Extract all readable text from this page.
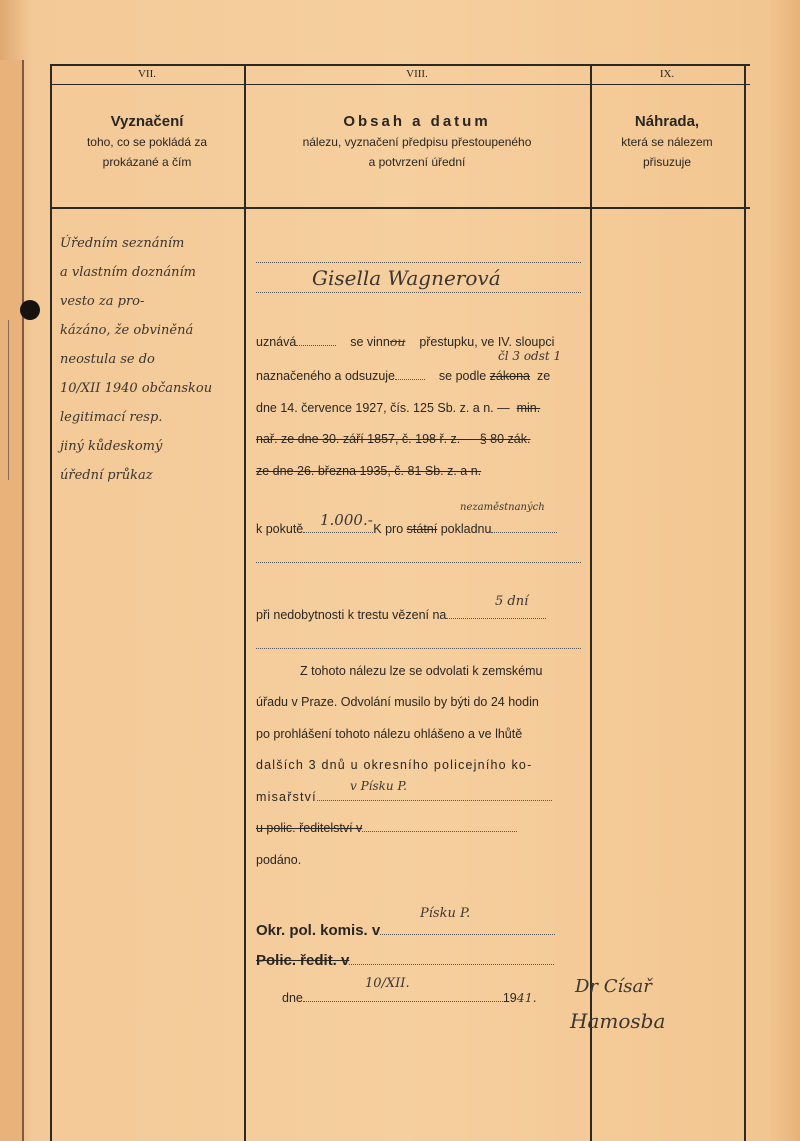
VII.	VIII.	IX.
Vyznačení
toho, co se pokládá za
prokázané a čím
Obsah a datum
nálezu, vyznačení předpisu přestoupeného
a potvrzení úřední
Náhrada,
která se nálezem
přisuzuje
Úředním seznáním
a vlastním doznáním
vesto za pro-
kázáno, že obviněná
neostula se do
10/XII 1940 občanskou
legitimací resp.
jiný kůdeskomý
úřední průkaz
Gisella Wagnerová
uznává	se vinnou přestupku, ve IV. sloupci
čl 3 odst 1
naznačeného a odsuzuje	se podle zákona ze
dne 14. července 1927, čís. 125 Sb. z. a n. — min.
nař. ze dne 30. září 1857, č. 198 ř. z. — § 80 zák.
ze dne 26. března 1935, č. 81 Sb. z. a n.
nezaměstnaných
1.000.-
k pokutě	K pro státní pokladnu
5 dní
při nedobytnosti k trestu vězení na
Z tohoto nálezu lze se odvolati k zemskému
úřadu v Praze. Odvolání musilo by býti do 24 hodin
po prohlášení tohoto nálezu ohlášeno a ve lhůtě
dalších 3 dnů u okresního policejního ko-
v Písku P.
misařství
u polic. ředitelství v
podáno.
Písku P.
Okr. pol. komis. v
Polic. ředit. v
10/XII.
dne	1941.
Dr Císař
Hamosba
